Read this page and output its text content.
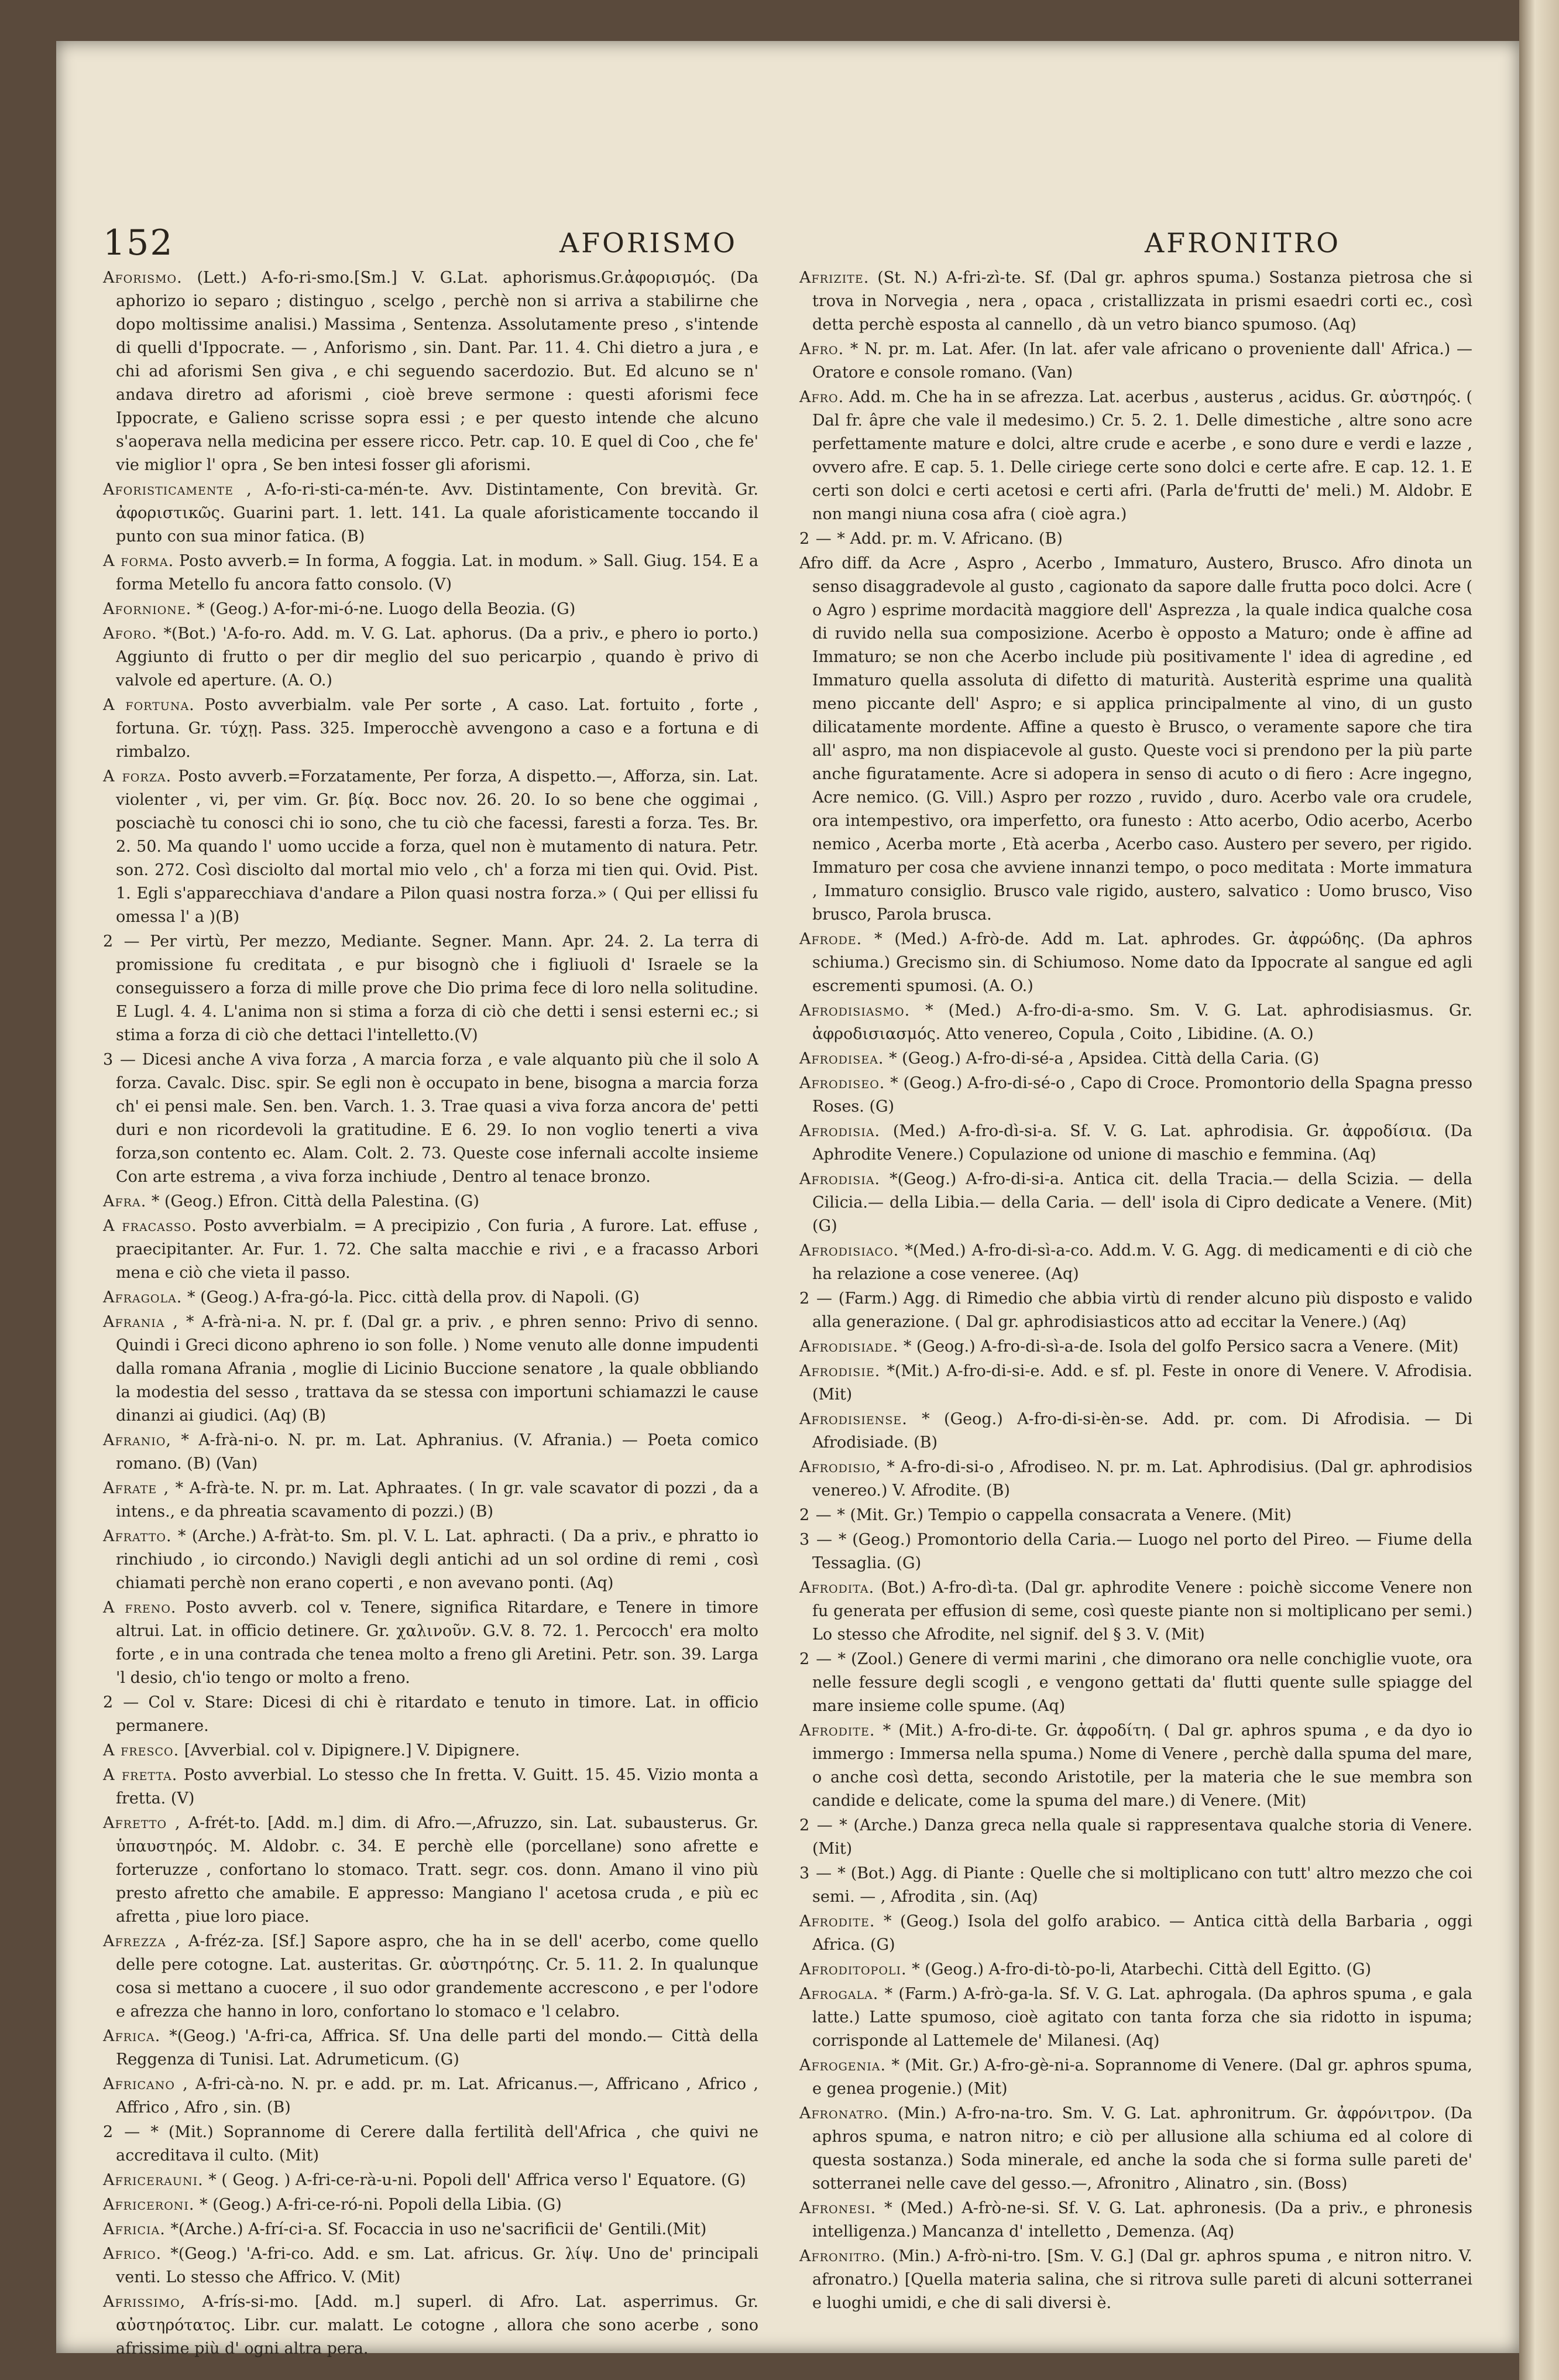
152	AFORISMO	AFRONITRO

Aforismo. (Lett.) A-fo-ri-smo.[Sm.] V. G.Lat. aphorismus.Gr.ἀφορισμός. (Da aphorizo io separo ; distinguo , scelgo , perchè non si arriva a stabilirne che dopo moltissime analisi.) Massima , Sentenza. Assolutamente preso , s'intende di quelli d'Ippocrate. — , Anforismo , sin. Dant. Par. 11. 4. Chi dietro a jura , e chi ad aforismi Sen giva , e chi seguendo sacerdozio. But. Ed alcuno se n' andava diretro ad aforismi , cioè breve sermone : questi aforismi fece Ippocrate, e Galieno scrisse sopra essi ; e per questo intende che alcuno s'aoperava nella medicina per essere ricco. Petr. cap. 10. E quel di Coo , che fe' vie miglior l' opra , Se ben intesi fosser gli aforismi.

Aforisticamente , A-fo-ri-sti-ca-mén-te. Avv. Distintamente, Con brevità. Gr. ἀφοριστικῶς. Guarini part. 1. lett. 141. La quale aforisticamente toccando il punto con sua minor fatica. (B)

A forma. Posto avverb.= In forma, A foggia. Lat. in modum. » Sall. Giug. 154. E a forma Metello fu ancora fatto consolo. (V)

Afornione. * (Geog.) A-for-mi-ó-ne. Luogo della Beozia. (G)

Aforo. *(Bot.) 'A-fo-ro. Add. m. V. G. Lat. aphorus. (Da a priv., e phero io porto.) Aggiunto di frutto o per dir meglio del suo pericarpio , quando è privo di valvole ed aperture. (A. O.)

A fortuna. Posto avverbialm. vale Per sorte , A caso. Lat. fortuito , forte , fortuna. Gr. τύχῃ. Pass. 325. Imperocchè avvengono a caso e a fortuna e di rimbalzo.

A forza. Posto avverb.=Forzatamente, Per forza, A dispetto.—, Afforza, sin. Lat. violenter , vi, per vim. Gr. βίᾳ. Bocc nov. 26. 20. Io so bene che oggimai , posciachè tu conosci chi io sono, che tu ciò che facessi, faresti a forza. Tes. Br. 2. 50. Ma quando l' uomo uccide a forza, quel non è mutamento di natura. Petr. son. 272. Così disciolto dal mortal mio velo , ch' a forza mi tien qui. Ovid. Pist. 1. Egli s'apparecchiava d'andare a Pilon quasi nostra forza.» ( Qui per ellissi fu omessa l' a )(B)

2 — Per virtù, Per mezzo, Mediante. Segner. Mann. Apr. 24. 2. La terra di promissione fu creditata , e pur bisognò che i figliuoli d' Israele se la conseguissero a forza di mille prove che Dio prima fece di loro nella solitudine. E Lugl. 4. 4. L'anima non si stima a forza di ciò che detti i sensi esterni ec.; si stima a forza di ciò che dettaci l'intelletto.(V)

3 — Dicesi anche A viva forza , A marcia forza , e vale alquanto più che il solo A forza. Cavalc. Disc. spir. Se egli non è occupato in bene, bisogna a marcia forza ch' ei pensi male. Sen. ben. Varch. 1. 3. Trae quasi a viva forza ancora de' petti duri e non ricordevoli la gratitudine. E 6. 29. Io non voglio tenerti a viva forza,son contento ec. Alam. Colt. 2. 73. Queste cose infernali accolte insieme Con arte estrema , a viva forza inchiude , Dentro al tenace bronzo.

Afra. * (Geog.) Efron. Città della Palestina. (G)

A fracasso. Posto avverbialm. = A precipizio , Con furia , A furore. Lat. effuse , praecipitanter. Ar. Fur. 1. 72. Che salta macchie e rivi , e a fracasso Arbori mena e ciò che vieta il passo.

Afragola. * (Geog.) A-fra-gó-la. Picc. città della prov. di Napoli. (G)

Afrania , * A-frà-ni-a. N. pr. f. (Dal gr. a priv. , e phren senno: Privo di senno. Quindi i Greci dicono aphreno io son folle. ) Nome venuto alle donne impudenti dalla romana Afrania , moglie di Licinio Buccione senatore , la quale obbliando la modestia del sesso , trattava da se stessa con importuni schiamazzi le cause dinanzi ai giudici. (Aq) (B)

Afranio, * A-frà-ni-o. N. pr. m. Lat. Aphranius. (V. Afrania.) — Poeta comico romano. (B) (Van)

Afrate , * A-frà-te. N. pr. m. Lat. Aphraates. ( In gr. vale scavator di pozzi , da a intens., e da phreatia scavamento di pozzi.) (B)

Afratto. * (Arche.) A-fràt-to. Sm. pl. V. L. Lat. aphracti. ( Da a priv., e phratto io rinchiudo , io circondo.) Navigli degli antichi ad un sol ordine di remi , così chiamati perchè non erano coperti , e non avevano ponti. (Aq)

A freno. Posto avverb. col v. Tenere, significa Ritardare, e Tenere in timore altrui. Lat. in officio detinere. Gr. χαλινοῦν. G.V. 8. 72. 1. Percocch' era molto forte , e in una contrada che tenea molto a freno gli Aretini. Petr. son. 39. Larga 'l desio, ch'io tengo or molto a freno.

2 — Col v. Stare: Dicesi di chi è ritardato e tenuto in timore. Lat. in officio permanere.

A fresco. [Avverbial. col v. Dipignere.] V. Dipignere.

A fretta. Posto avverbial. Lo stesso che In fretta. V. Guitt. 15. 45. Vizio monta a fretta. (V)

Afretto , A-frét-to. [Add. m.] dim. di Afro.—,Afruzzo, sin. Lat. subausterus. Gr. ὑπαυστηρός. M. Aldobr. c. 34. E perchè elle (porcellane) sono afrette e forteruzze , confortano lo stomaco. Tratt. segr. cos. donn. Amano il vino più presto afretto che amabile. E appresso: Mangiano l' acetosa cruda , e più ec afretta , piue loro piace.

Afrezza , A-fréz-za. [Sf.] Sapore aspro, che ha in se dell' acerbo, come quello delle pere cotogne. Lat. austeritas. Gr. αὐστηρότης. Cr. 5. 11. 2. In qualunque cosa si mettano a cuocere , il suo odor grandemente accrescono , e per l'odore e afrezza che hanno in loro, confortano lo stomaco e 'l celabro.

Africa. *(Geog.) 'A-fri-ca, Affrica. Sf. Una delle parti del mondo.— Città della Reggenza di Tunisi. Lat. Adrumeticum. (G)

Africano , A-fri-cà-no. N. pr. e add. pr. m. Lat. Africanus.—, Affricano , Africo , Affrico , Afro , sin. (B)

2 — * (Mit.) Soprannome di Cerere dalla fertilità dell'Africa , che quivi ne accreditava il culto. (Mit)

Africerauni. * ( Geog. ) A-fri-ce-rà-u-ni. Popoli dell' Affrica verso l' Equatore. (G)

Africeroni. * (Geog.) A-fri-ce-ró-ni. Popoli della Libia. (G)

Africia. *(Arche.) A-frí-ci-a. Sf. Focaccia in uso ne'sacrificii de' Gentili.(Mit)

Africo. *(Geog.) 'A-fri-co. Add. e sm. Lat. africus. Gr. λίψ. Uno de' principali venti. Lo stesso che Affrico. V. (Mit)

Afrissimo, A-frís-si-mo. [Add. m.] superl. di Afro. Lat. asperrimus. Gr. αὐστηρότατος. Libr. cur. malatt. Le cotogne , allora che sono acerbe , sono afrissime più d' ogni altra pera.

Afrizite. (St. N.) A-fri-zì-te. Sf. (Dal gr. aphros spuma.) Sostanza pietrosa che si trova in Norvegia , nera , opaca , cristallizzata in prismi esaedri corti ec., così detta perchè esposta al cannello , dà un vetro bianco spumoso. (Aq)

Afro. * N. pr. m. Lat. Afer. (In lat. afer vale africano o proveniente dall' Africa.) — Oratore e console romano. (Van)

Afro. Add. m. Che ha in se afrezza. Lat. acerbus , austerus , acidus. Gr. αὐστηρός. ( Dal fr. âpre che vale il medesimo.) Cr. 5. 2. 1. Delle dimestiche , altre sono acre perfettamente mature e dolci, altre crude e acerbe , e sono dure e verdi e lazze , ovvero afre. E cap. 5. 1. Delle ciriege certe sono dolci e certe afre. E cap. 12. 1. E certi son dolci e certi acetosi e certi afri. (Parla de'frutti de' meli.) M. Aldobr. E non mangi niuna cosa afra ( cioè agra.)

2 — * Add. pr. m. V. Africano. (B)

Afro diff. da Acre , Aspro , Acerbo , Immaturo, Austero, Brusco. Afro dinota un senso disaggradevole al gusto , cagionato da sapore dalle frutta poco dolci. Acre ( o Agro ) esprime mordacità maggiore dell' Asprezza , la quale indica qualche cosa di ruvido nella sua composizione. Acerbo è opposto a Maturo; onde è affine ad Immaturo; se non che Acerbo include più positivamente l' idea di agredine , ed Immaturo quella assoluta di difetto di maturità. Austerità esprime una qualità meno piccante dell' Aspro; e si applica principalmente al vino, di un gusto dilicatamente mordente. Affine a questo è Brusco, o veramente sapore che tira all' aspro, ma non dispiacevole al gusto. Queste voci si prendono per la più parte anche figuratamente. Acre si adopera in senso di acuto o di fiero : Acre ingegno, Acre nemico. (G. Vill.) Aspro per rozzo , ruvido , duro. Acerbo vale ora crudele, ora intempestivo, ora imperfetto, ora funesto : Atto acerbo, Odio acerbo, Acerbo nemico , Acerba morte , Età acerba , Acerbo caso. Austero per severo, per rigido. Immaturo per cosa che avviene innanzi tempo, o poco meditata : Morte immatura , Immaturo consiglio. Brusco vale rigido, austero, salvatico : Uomo brusco, Viso brusco, Parola brusca.

Afrode. * (Med.) A-frò-de. Add m. Lat. aphrodes. Gr. ἀφρώδης. (Da aphros schiuma.) Grecismo sin. di Schiumoso. Nome dato da Ippocrate al sangue ed agli escrementi spumosi. (A. O.)

Afrodisiasmo. * (Med.) A-fro-di-a-smo. Sm. V. G. Lat. aphrodisiasmus. Gr. ἀφροδισιασμός. Atto venereo, Copula , Coito , Libidine. (A. O.)

Afrodisea. * (Geog.) A-fro-di-sé-a , Apsidea. Città della Caria. (G)

Afrodiseo. * (Geog.) A-fro-di-sé-o , Capo di Croce. Promontorio della Spagna presso Roses. (G)

Afrodisia. (Med.) A-fro-dì-si-a. Sf. V. G. Lat. aphrodisia. Gr. ἀφροδίσια. (Da Aphrodite Venere.) Copulazione od unione di maschio e femmina. (Aq)

Afrodisia. *(Geog.) A-fro-di-si-a. Antica cit. della Tracia.— della Scizia. — della Cilicia.— della Libia.— della Caria. — dell' isola di Cipro dedicate a Venere. (Mit) (G)

Afrodisiaco. *(Med.) A-fro-di-sì-a-co. Add.m. V. G. Agg. di medicamenti e di ciò che ha relazione a cose veneree. (Aq)

2 — (Farm.) Agg. di Rimedio che abbia virtù di render alcuno più disposto e valido alla generazione. ( Dal gr. aphrodisiasticos atto ad eccitar la Venere.) (Aq)

Afrodisiade. * (Geog.) A-fro-di-sì-a-de. Isola del golfo Persico sacra a Venere. (Mit)

Afrodisie. *(Mit.) A-fro-di-si-e. Add. e sf. pl. Feste in onore di Venere. V. Afrodisia. (Mit)

Afrodisiense. * (Geog.) A-fro-di-si-èn-se. Add. pr. com. Di Afrodisia. — Di Afrodisiade. (B)

Afrodisio, * A-fro-di-si-o , Afrodiseo. N. pr. m. Lat. Aphrodisius. (Dal gr. aphrodisios venereo.) V. Afrodite. (B)

2 — * (Mit. Gr.) Tempio o cappella consacrata a Venere. (Mit)

3 — * (Geog.) Promontorio della Caria.— Luogo nel porto del Pireo. — Fiume della Tessaglia. (G)

Afrodita. (Bot.) A-fro-dì-ta. (Dal gr. aphrodite Venere : poichè siccome Venere non fu generata per effusion di seme, così queste piante non si moltiplicano per semi.) Lo stesso che Afrodite, nel signif. del § 3. V. (Mit)

2 — * (Zool.) Genere di vermi marini , che dimorano ora nelle conchiglie vuote, ora nelle fessure degli scogli , e vengono gettati da' flutti quente sulle spiagge del mare insieme colle spume. (Aq)

Afrodite. * (Mit.) A-fro-di-te. Gr. ἀφροδίτη. ( Dal gr. aphros spuma , e da dyo io immergo : Immersa nella spuma.) Nome di Venere , perchè dalla spuma del mare, o anche così detta, secondo Aristotile, per la materia che le sue membra son candide e delicate, come la spuma del mare.) di Venere. (Mit)

2 — * (Arche.) Danza greca nella quale si rappresentava qualche storia di Venere. (Mit)

3 — * (Bot.) Agg. di Piante : Quelle che si moltiplicano con tutt' altro mezzo che coi semi. — , Afrodita , sin. (Aq)

Afrodite. * (Geog.) Isola del golfo arabico. — Antica città della Barbaria , oggi Africa. (G)

Afroditopoli. * (Geog.) A-fro-di-tò-po-li, Atarbechi. Città dell Egitto. (G)

Afrogala. * (Farm.) A-frò-ga-la. Sf. V. G. Lat. aphrogala. (Da aphros spuma , e gala latte.) Latte spumoso, cioè agitato con tanta forza che sia ridotto in ispuma; corrisponde al Lattemele de' Milanesi. (Aq)

Afrogenia. * (Mit. Gr.) A-fro-gè-ni-a. Soprannome di Venere. (Dal gr. aphros spuma, e genea progenie.) (Mit)

Afronatro. (Min.) A-fro-na-tro. Sm. V. G. Lat. aphronitrum. Gr. ἀφρόνιτρον. (Da aphros spuma, e natron nitro; e ciò per allusione alla schiuma ed al colore di questa sostanza.) Soda minerale, ed anche la soda che si forma sulle pareti de' sotterranei nelle cave del gesso.—, Afronitro , Alinatro , sin. (Boss)

Afronesi. * (Med.) A-frò-ne-si. Sf. V. G. Lat. aphronesis. (Da a priv., e phronesis intelligenza.) Mancanza d' intelletto , Demenza. (Aq)

Afronitro. (Min.) A-frò-ni-tro. [Sm. V. G.] (Dal gr. aphros spuma , e nitron nitro. V. afronatro.) [Quella materia salina, che si ritrova sulle pareti di alcuni sotterranei e luoghi umidi, e che di sali diversi è.
